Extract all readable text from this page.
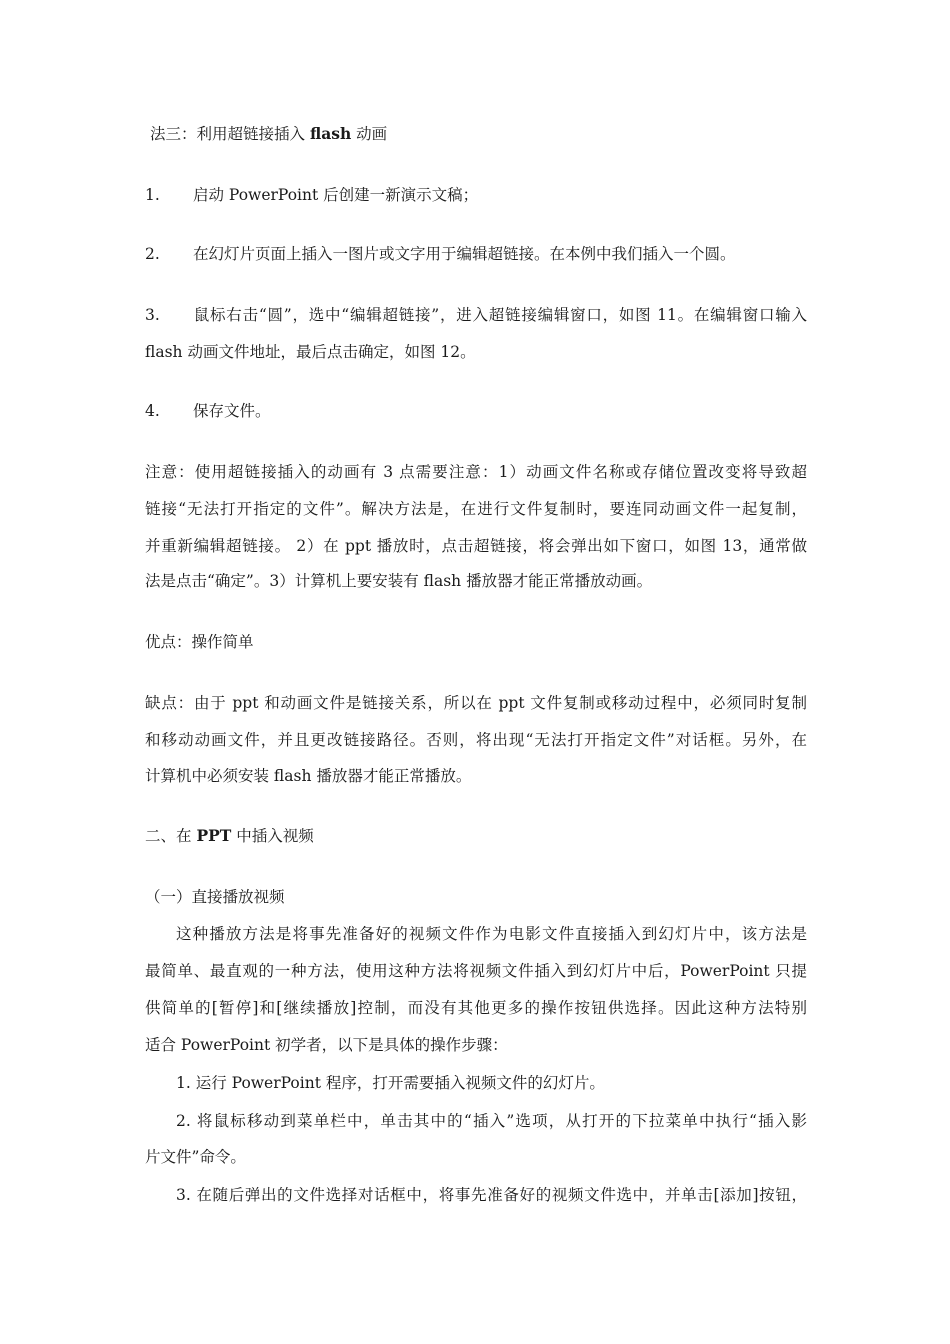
法三：利用超链接插入 flash 动画
1. 启动 PowerPoint 后创建一新演示文稿；
2. 在幻灯片页面上插入一图片或文字用于编辑超链接。在本例中我们插入一个圆。
3. 鼠标右击“圆”，选中“编辑超链接”，进入超链接编辑窗口，如图 11。在编辑窗口输入
flash 动画文件地址，最后点击确定，如图 12。
4. 保存文件。
注意：使用超链接插入的动画有 3 点需要注意：1）动画文件名称或存储位置改变将导致超
链接“无法打开指定的文件”。解决方法是，在进行文件复制时，要连同动画文件一起复制，
并重新编辑超链接。 2）在 ppt 播放时，点击超链接，将会弹出如下窗口，如图 13，通常做
法是点击“确定”。3）计算机上要安装有 flash 播放器才能正常播放动画。
优点：操作简单
缺点：由于 ppt 和动画文件是链接关系，所以在 ppt 文件复制或移动过程中，必须同时复制
和移动动画文件，并且更改链接路径。否则，将出现“无法打开指定文件”对话框。另外，在
计算机中必须安装 flash 播放器才能正常播放。
二、在 PPT 中插入视频
（一）直接播放视频
这种播放方法是将事先准备好的视频文件作为电影文件直接插入到幻灯片中，该方法是
最简单、最直观的一种方法，使用这种方法将视频文件插入到幻灯片中后，PowerPoint 只提
供简单的[暂停]和[继续播放]控制，而没有其他更多的操作按钮供选择。因此这种方法特别
适合 PowerPoint 初学者，以下是具体的操作步骤：
1. 运行 PowerPoint 程序，打开需要插入视频文件的幻灯片。
2. 将鼠标移动到菜单栏中，单击其中的“插入”选项，从打开的下拉菜单中执行“插入影
片文件”命令。
3. 在随后弹出的文件选择对话框中，将事先准备好的视频文件选中，并单击[添加]按钮，
